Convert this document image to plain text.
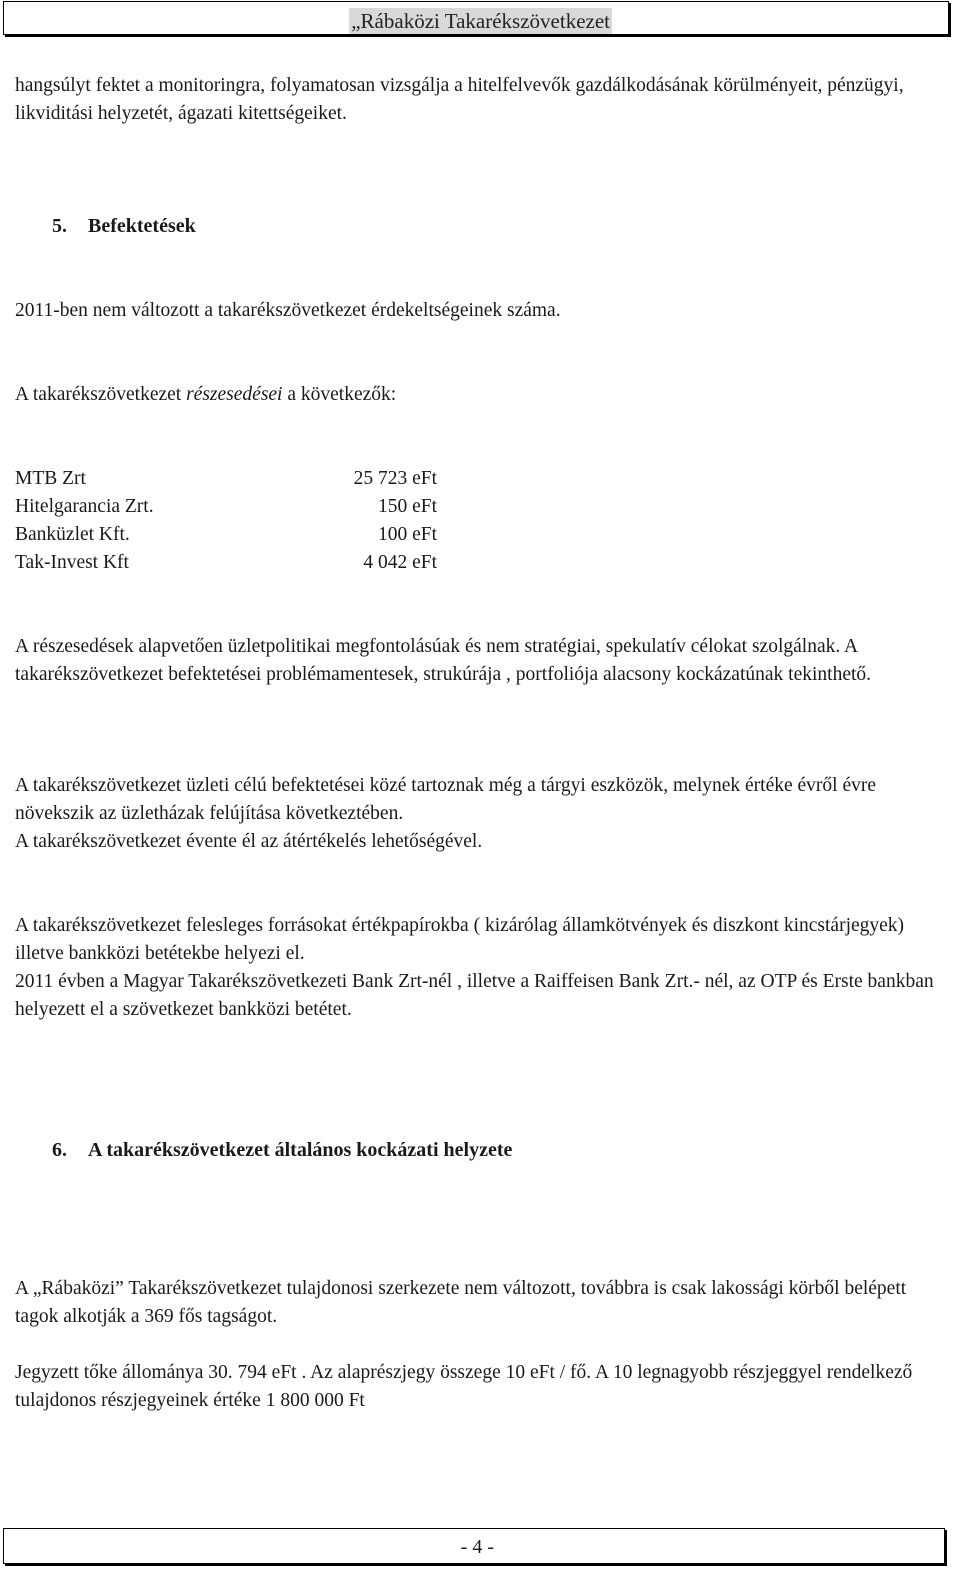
„Rábaközi Takarékszövetkezet

hangsúlyt fektet a monitoringra, folyamatosan vizsgálja a hitelfelvevők gazdálkodásának körülményeit, pénzügyi, likviditási helyzetét, ágazati kitettségeiket.

5. Befektetések

2011-ben nem változott a takarékszövetkezet érdekeltségeinek száma.

A takarékszövetkezet részesedései a következők:

MTB Zrt	25 723 eFt
Hitelgarancia Zrt.	150 eFt
Banküzlet Kft.	100 eFt
Tak-Invest Kft	4 042 eFt

A részesedések alapvetően üzletpolitikai megfontolásúak és nem stratégiai, spekulatív célokat szolgálnak. A takarékszövetkezet befektetései problémamentesek, strukúrája , portfoliója alacsony kockázatúnak tekinthető.

A takarékszövetkezet üzleti célú befektetései közé tartoznak még a tárgyi eszközök, melynek értéke évről évre növekszik az üzletházak felújítása következtében.

A takarékszövetkezet évente él az átértékelés lehetőségével.

A takarékszövetkezet felesleges forrásokat értékpapírokba ( kizárólag államkötvények és diszkont kincstárjegyek) illetve bankközi betétekbe helyezi el.

2011 évben a Magyar Takarékszövetkezeti Bank Zrt-nél , illetve a Raiffeisen Bank Zrt.- nél, az OTP és Erste bankban helyezett el a szövetkezet bankközi betétet.

6. A takarékszövetkezet általános kockázati helyzete

A „Rábaközi” Takarékszövetkezet tulajdonosi szerkezete nem változott, továbbra is csak lakossági körből belépett tagok alkotják a 369 fős tagságot.

Jegyzett tőke állománya 30. 794 eFt . Az alaprészjegy összege 10 eFt / fő. A 10 legnagyobb részjeggyel rendelkező tulajdonos részjegyeinek értéke 1 800 000 Ft

- 4 -
